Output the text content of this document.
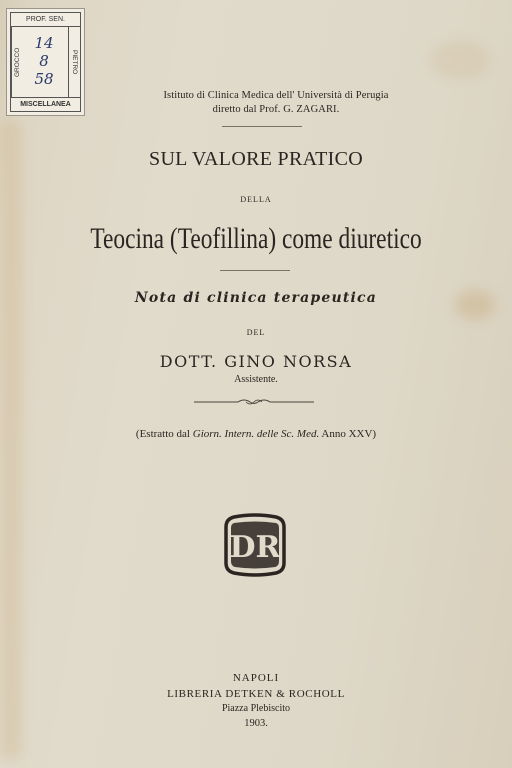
PROF. SEN.
GROCCO	PIETRO
14
8
58
MISCELLANEA
Istituto di Clinica Medica dell' Università di Perugia
diretto dal Prof. G. ZAGARI.
SUL VALORE PRATICO
DELLA
Teocina (Teofillina) come diuretico
Nota di clinica terapeutica
DEL
DOTT. GINO NORSA
Assistente.
(Estratto dal Giorn. Intern. delle Sc. Med. Anno XXV)
DR
NAPOLI
LIBRERIA DETKEN & ROCHOLL
Piazza Plebiscito
1903.
